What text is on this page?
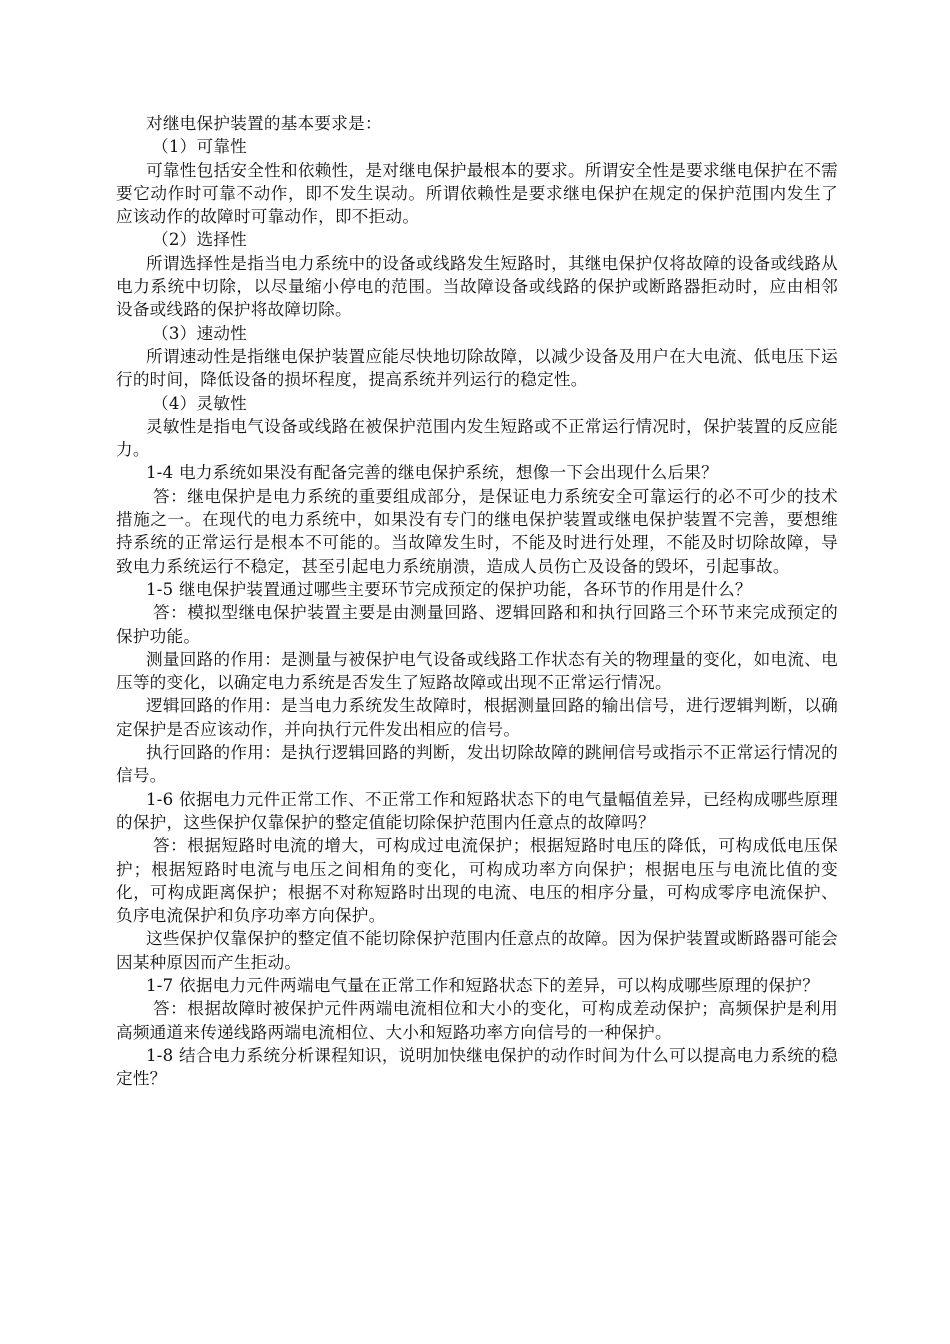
对继电保护装置的基本要求是：

（1）可靠性

可靠性包括安全性和依赖性，是对继电保护最根本的要求。所谓安全性是要求继电保护在不需要它动作时可靠不动作，即不发生误动。所谓依赖性是要求继电保护在规定的保护范围内发生了应该动作的故障时可靠动作，即不拒动。

（2）选择性

所谓选择性是指当电力系统中的设备或线路发生短路时，其继电保护仅将故障的设备或线路从电力系统中切除，以尽量缩小停电的范围。当故障设备或线路的保护或断路器拒动时，应由相邻设备或线路的保护将故障切除。

（3）速动性

所谓速动性是指继电保护装置应能尽快地切除故障，以减少设备及用户在大电流、低电压下运行的时间，降低设备的损坏程度，提高系统并列运行的稳定性。

（4）灵敏性

灵敏性是指电气设备或线路在被保护范围内发生短路或不正常运行情况时，保护装置的反应能力。

1-4 电力系统如果没有配备完善的继电保护系统，想像一下会出现什么后果？

答：继电保护是电力系统的重要组成部分，是保证电力系统安全可靠运行的必不可少的技术措施之一。在现代的电力系统中，如果没有专门的继电保护装置或继电保护装置不完善，要想维持系统的正常运行是根本不可能的。当故障发生时，不能及时进行处理，不能及时切除故障，导致电力系统运行不稳定，甚至引起电力系统崩溃，造成人员伤亡及设备的毁坏，引起事故。

1-5 继电保护装置通过哪些主要环节完成预定的保护功能，各环节的作用是什么？

答：模拟型继电保护装置主要是由测量回路、逻辑回路和和执行回路三个环节来完成预定的保护功能。

测量回路的作用：是测量与被保护电气设备或线路工作状态有关的物理量的变化，如电流、电压等的变化，以确定电力系统是否发生了短路故障或出现不正常运行情况。

逻辑回路的作用：是当电力系统发生故障时，根据测量回路的输出信号，进行逻辑判断，以确定保护是否应该动作，并向执行元件发出相应的信号。

执行回路的作用：是执行逻辑回路的判断，发出切除故障的跳闸信号或指示不正常运行情况的信号。

1-6 依据电力元件正常工作、不正常工作和短路状态下的电气量幅值差异，已经构成哪些原理的保护，这些保护仅靠保护的整定值能切除保护范围内任意点的故障吗？

答：根据短路时电流的增大，可构成过电流保护；根据短路时电压的降低，可构成低电压保护；根据短路时电流与电压之间相角的变化，可构成功率方向保护；根据电压与电流比值的变化，可构成距离保护；根据不对称短路时出现的电流、电压的相序分量，可构成零序电流保护、负序电流保护和负序功率方向保护。

这些保护仅靠保护的整定值不能切除保护范围内任意点的故障。因为保护装置或断路器可能会因某种原因而产生拒动。

1-7 依据电力元件两端电气量在正常工作和短路状态下的差异，可以构成哪些原理的保护？

答：根据故障时被保护元件两端电流相位和大小的变化，可构成差动保护；高频保护是利用高频通道来传递线路两端电流相位、大小和短路功率方向信号的一种保护。

1-8 结合电力系统分析课程知识，说明加快继电保护的动作时间为什么可以提高电力系统的稳定性？
